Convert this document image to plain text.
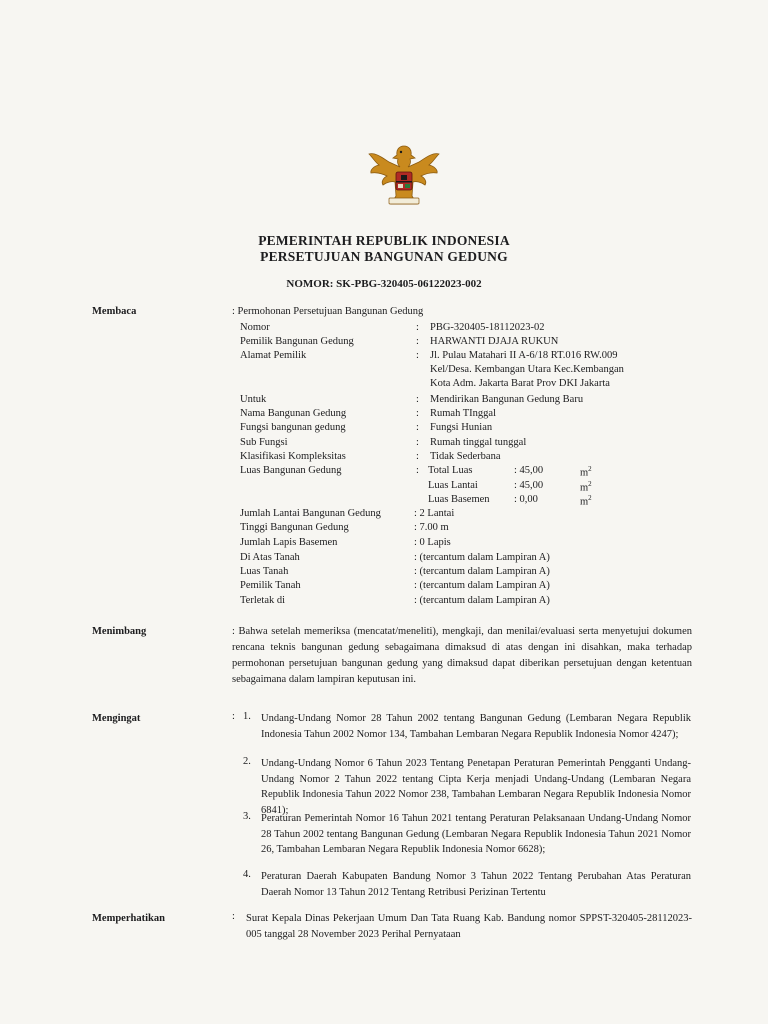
PEMERINTAH REPUBLIK INDONESIA
PERSETUJUAN BANGUNAN GEDUNG
NOMOR: SK-PBG-320405-06122023-002
Membaca	: Permohonan Persetujuan Bangunan Gedung
Nomor	: PBG-320405-18112023-02
Pemilik Bangunan Gedung	: HARWANTI DJAJA RUKUN
Alamat Pemilik	: Jl. Pulau Matahari II A-6/18 RT.016 RW.009
Kel/Desa. Kembangan Utara Kec.Kembangan
Kota Adm. Jakarta Barat Prov DKI Jakarta
Untuk	: Mendirikan Bangunan Gedung Baru
Nama Bangunan Gedung	: Rumah TInggal
Fungsi bangunan gedung	: Fungsi Hunian
Sub Fungsi	: Rumah tinggal tunggal
Klasifikasi Kompleksitas	: Tidak Sederbana
Luas Bangunan Gedung	: Total Luas	: 45,00	$m^2$
Luas Lantai	: 45,00	$m^2$
Luas Basemen : 0,00	$m^2$
Jumlah Lantai Bangunan Gedung	: 2 Lantai
Tinggi Bangunan Gedung	: 7.00 m
Jumlah Lapis Basemen	: 0 Lapis
Di Atas Tanah	: (tercantum dalam Lampiran A)
Luas Tanah	: (tercantum dalam Lampiran A)
Pemilik Tanah	: (tercantum dalam Lampiran A)
Terletak di	: (tercantum dalam Lampiran A)
Menimbang	: Bahwa setelah memeriksa (mencatat/meneliti), mengkaji, dan menilai/evaluasi serta menyetujui dokumen rencana teknis bangunan gedung sebagaimana dimaksud di atas dengan ini disahkan, maka terhadap permohonan persetujuan bangunan gedung yang dimaksud dapat diberikan persetujuan dengan ketentuan sebagaimana dalam lampiran keputusan ini.
Mengingat	: 1. Undang-Undang Nomor 28 Tahun 2002 tentang Bangunan Gedung (Lembaran Negara Republik Indonesia Tahun 2002 Nomor 134, Tambahan Lembaran Negara Republik Indonesia Nomor 4247);
2. Undang-Undang Nomor 6 Tahun 2023 Tentang Penetapan Peraturan Pemerintah Pengganti Undang-Undang Nomor 2 Tahun 2022 tentang Cipta Kerja menjadi Undang-Undang (Lembaran Negara Republik Indonesia Tahun 2022 Nomor 238, Tambahan Lembaran Negara Republik Indonesia Nomor 6841);
3. Peraturan Pemerintah Nomor 16 Tahun 2021 tentang Peraturan Pelaksanaan Undang-Undang Nomor 28 Tahun 2002 tentang Bangunan Gedung (Lembaran Negara Republik Indonesia Tahun 2021 Nomor 26, Tambahan Lembaran Negara Republik Indonesia Nomor 6628);
4. Peraturan Daerah Kabupaten Bandung Nomor 3 Tahun 2022 Tentang Perubahan Atas Peraturan Daerah Nomor 13 Tahun 2012 Tentang Retribusi Perizinan Tertentu
Memperhatikan	: Surat Kepala Dinas Pekerjaan Umum Dan Tata Ruang Kab. Bandung nomor SPPST-320405-28112023-005 tanggal 28 November 2023 Perihal Pernyataan
